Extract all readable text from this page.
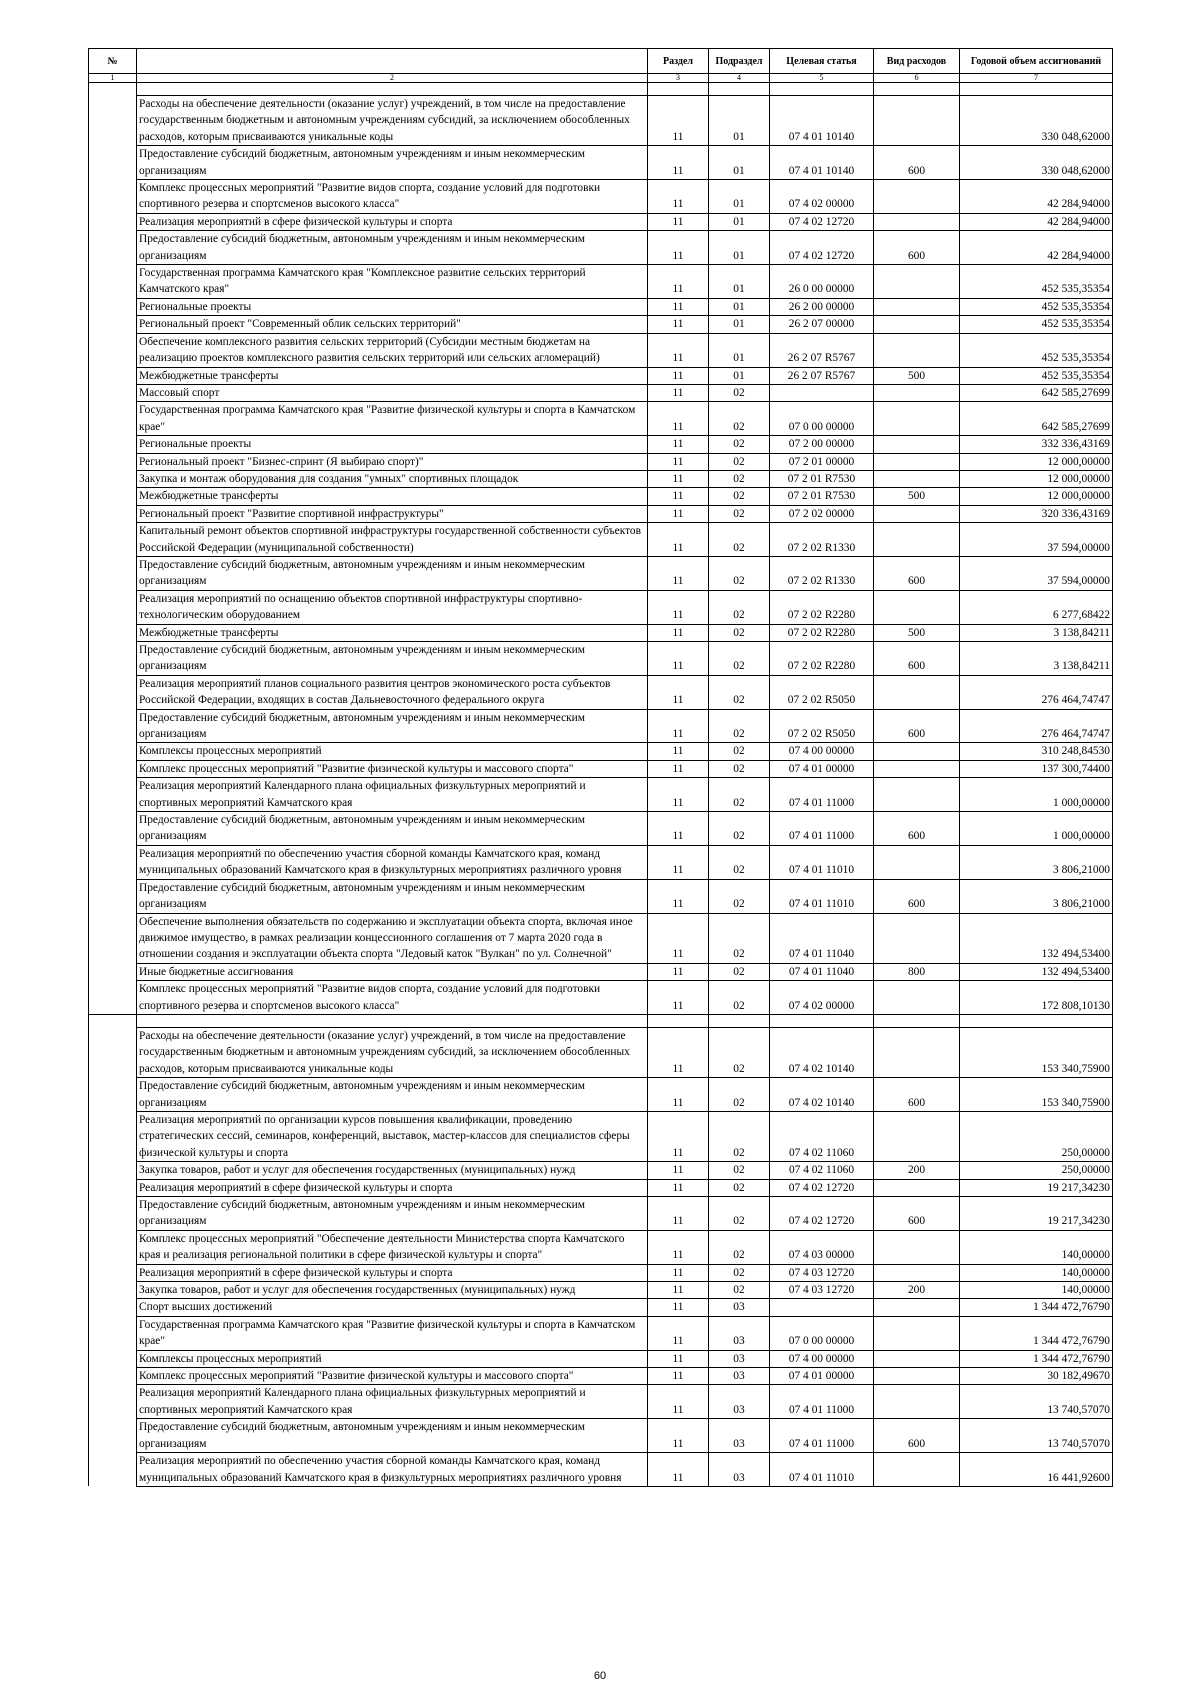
№		Раздел	Подраздел	Целевая статья	Вид расходов	Годовой объем ассигнований
1	2	3	4	5	6	7

	Расходы на обеспечение деятельности (оказание услуг) учреждений, в том числе на предоставление государственным бюджетным и автономным учреждениям субсидий, за исключением обособленных расходов, которым присваиваются уникальные коды	11	01	07 4 01 10140		330 048,62000
	Предоставление субсидий бюджетным, автономным учреждениям и иным некоммерческим организациям	11	01	07 4 01 10140	600	330 048,62000
	Комплекс процессных мероприятий "Развитие видов спорта, создание условий для подготовки спортивного резерва и спортсменов высокого класса"	11	01	07 4 02 00000		42 284,94000
	Реализация мероприятий в сфере физической культуры и спорта	11	01	07 4 02 12720		42 284,94000
	Предоставление субсидий бюджетным, автономным учреждениям и иным некоммерческим организациям	11	01	07 4 02 12720	600	42 284,94000
	Государственная программа Камчатского края "Комплексное развитие сельских территорий Камчатского края"	11	01	26 0 00 00000		452 535,35354
	Региональные проекты	11	01	26 2 00 00000		452 535,35354
	Региональный проект "Современный облик сельских территорий"	11	01	26 2 07 00000		452 535,35354
	Обеспечение комплексного развития сельских территорий (Субсидии местным бюджетам на реализацию проектов комплексного развития сельских территорий или сельских агломераций)	11	01	26 2 07 R5767		452 535,35354
	Межбюджетные трансферты	11	01	26 2 07 R5767	500	452 535,35354
	Массовый спорт	11	02			642 585,27699
	Государственная программа Камчатского края "Развитие физической культуры и спорта в Камчатском крае"	11	02	07 0 00 00000		642 585,27699
	Региональные проекты	11	02	07 2 00 00000		332 336,43169
	Региональный проект "Бизнес-спринт (Я выбираю спорт)"	11	02	07 2 01 00000		12 000,00000
	Закупка и монтаж оборудования для создания "умных" спортивных площадок	11	02	07 2 01 R7530		12 000,00000
	Межбюджетные трансферты	11	02	07 2 01 R7530	500	12 000,00000
	Региональный проект "Развитие спортивной инфраструктуры"	11	02	07 2 02 00000		320 336,43169
	Капитальный ремонт объектов спортивной инфраструктуры государственной собственности субъектов Российской Федерации (муниципальной собственности)	11	02	07 2 02 R1330		37 594,00000
	Предоставление субсидий бюджетным, автономным учреждениям и иным некоммерческим организациям	11	02	07 2 02 R1330	600	37 594,00000
	Реализация мероприятий по оснащению объектов спортивной инфраструктуры спортивно-технологическим оборудованием	11	02	07 2 02 R2280		6 277,68422
	Межбюджетные трансферты	11	02	07 2 02 R2280	500	3 138,84211
	Предоставление субсидий бюджетным, автономным учреждениям и иным некоммерческим организациям	11	02	07 2 02 R2280	600	3 138,84211
	Реализация мероприятий планов социального развития центров экономического роста субъектов Российской Федерации, входящих в состав Дальневосточного федерального округа	11	02	07 2 02 R5050		276 464,74747
	Предоставление субсидий бюджетным, автономным учреждениям и иным некоммерческим организациям	11	02	07 2 02 R5050	600	276 464,74747
	Комплексы процессных мероприятий	11	02	07 4 00 00000		310 248,84530
	Комплекс процессных мероприятий "Развитие физической культуры и массового спорта"	11	02	07 4 01 00000		137 300,74400
	Реализация мероприятий Календарного плана официальных физкультурных мероприятий и спортивных мероприятий Камчатского края	11	02	07 4 01 11000		1 000,00000
	Предоставление субсидий бюджетным, автономным учреждениям и иным некоммерческим организациям	11	02	07 4 01 11000	600	1 000,00000
	Реализация мероприятий по обеспечению участия сборной команды Камчатского края, команд муниципальных образований Камчатского края в физкультурных мероприятиях различного уровня	11	02	07 4 01 11010		3 806,21000
	Предоставление субсидий бюджетным, автономным учреждениям и иным некоммерческим организациям	11	02	07 4 01 11010	600	3 806,21000
	Обеспечение выполнения обязательств по содержанию и эксплуатации объекта спорта, включая иное движимое имущество, в рамках реализации концессионного соглашения от 7 марта 2020 года в отношении создания и эксплуатации объекта спорта "Ледовый каток "Вулкан" по ул. Солнечной"	11	02	07 4 01 11040		132 494,53400
	Иные бюджетные ассигнования	11	02	07 4 01 11040	800	132 494,53400
	Комплекс процессных мероприятий "Развитие видов спорта, создание условий для подготовки спортивного резерва и спортсменов высокого класса"	11	02	07 4 02 00000		172 808,10130

	Расходы на обеспечение деятельности (оказание услуг) учреждений, в том числе на предоставление государственным бюджетным и автономным учреждениям субсидий, за исключением обособленных расходов, которым присваиваются уникальные коды	11	02	07 4 02 10140		153 340,75900
	Предоставление субсидий бюджетным, автономным учреждениям и иным некоммерческим организациям	11	02	07 4 02 10140	600	153 340,75900
	Реализация мероприятий по организации курсов повышения квалификации, проведению стратегических сессий, семинаров, конференций, выставок, мастер-классов для специалистов сферы физической культуры и спорта	11	02	07 4 02 11060		250,00000
	Закупка товаров, работ и услуг для обеспечения государственных (муниципальных) нужд	11	02	07 4 02 11060	200	250,00000
	Реализация мероприятий в сфере физической культуры и спорта	11	02	07 4 02 12720		19 217,34230
	Предоставление субсидий бюджетным, автономным учреждениям и иным некоммерческим организациям	11	02	07 4 02 12720	600	19 217,34230
	Комплекс процессных мероприятий "Обеспечение деятельности Министерства спорта Камчатского края и реализация региональной политики в сфере физической культуры и спорта"	11	02	07 4 03 00000		140,00000
	Реализация мероприятий в сфере физической культуры и спорта	11	02	07 4 03 12720		140,00000
	Закупка товаров, работ и услуг для обеспечения государственных (муниципальных) нужд	11	02	07 4 03 12720	200	140,00000
	Спорт высших достижений	11	03			1 344 472,76790
	Государственная программа Камчатского края "Развитие физической культуры и спорта в Камчатском крае"	11	03	07 0 00 00000		1 344 472,76790
	Комплексы процессных мероприятий	11	03	07 4 00 00000		1 344 472,76790
	Комплекс процессных мероприятий "Развитие физической культуры и массового спорта"	11	03	07 4 01 00000		30 182,49670
	Реализация мероприятий Календарного плана официальных физкультурных мероприятий и спортивных мероприятий Камчатского края	11	03	07 4 01 11000		13 740,57070
	Предоставление субсидий бюджетным, автономным учреждениям и иным некоммерческим организациям	11	03	07 4 01 11000	600	13 740,57070
	Реализация мероприятий по обеспечению участия сборной команды Камчатского края, команд муниципальных образований Камчатского края в физкультурных мероприятиях различного уровня	11	03	07 4 01 11010		16 441,92600
60
